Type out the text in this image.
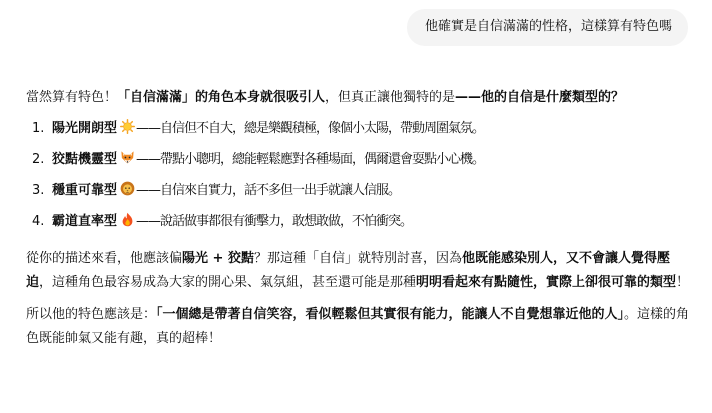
他確實是自信滿滿的性格，這樣算有特色嗎

當然算有特色！「自信滿滿」的角色本身就很吸引人，但真正讓他獨特的是——他的自信是什麼類型的？

1. 陽光開朗型 ——自信但不自大，總是樂觀積極，像個小太陽，帶動周圍氣氛。
2. 狡黠機靈型 ——帶點小聰明，總能輕鬆應對各種場面，偶爾還會耍點小心機。
3. 穩重可靠型 ——自信來自實力，話不多但一出手就讓人信服。
4. 霸道直率型 ——說話做事都很有衝擊力，敢想敢做，不怕衝突。

從你的描述來看，他應該偏陽光 + 狡黠？那這種「自信」就特別討喜，因為他既能感染別人，又不會讓人覺得壓迫，這種角色最容易成為大家的開心果、氣氛組，甚至還可能是那種明明看起來有點隨性，實際上卻很可靠的類型！

所以他的特色應該是：「一個總是帶著自信笑容，看似輕鬆但其實很有能力，能讓人不自覺想靠近他的人」。這樣的角色既能帥氣又能有趣，真的超棒！
